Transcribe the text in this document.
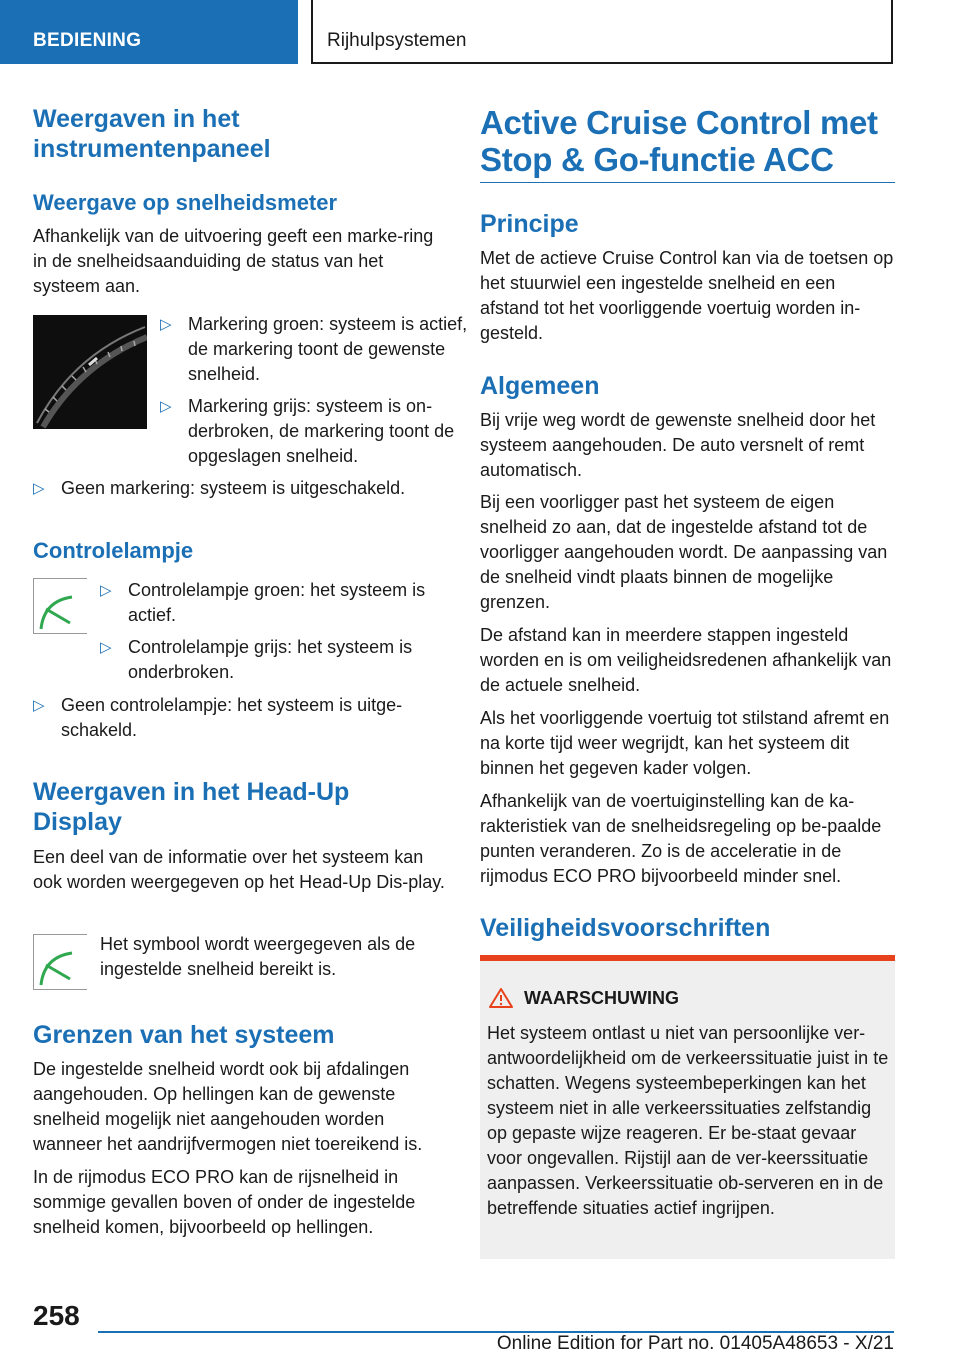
BEDIENING	Rijhulpsystemen
Weergaven in het instrumentenpaneel
Weergave op snelheidsmeter

Afhankelijk van de uitvoering geeft een marke-ring in de snelheidsaanduiding de status van het systeem aan.

▷ Markering groen: systeem is actief, de markering toont de gewenste snelheid.
▷ Markering grijs: systeem is on-derbroken, de markering toont de opgeslagen snelheid.
▷ Geen markering: systeem is uitgeschakeld.
Controlelampje
▷ Controlelampje groen: het systeem is actief.
▷ Controlelampje grijs: het systeem is onderbroken.
▷ Geen controlelampje: het systeem is uitge-schakeld.
Weergaven in het Head-Up Display

Een deel van de informatie over het systeem kan ook worden weergegeven op het Head-Up Dis-play.

Het symbool wordt weergegeven als de ingestelde snelheid bereikt is.

Grenzen van het systeem

De ingestelde snelheid wordt ook bij afdalingen aangehouden. Op hellingen kan de gewenste snelheid mogelijk niet aangehouden worden wanneer het aandrijfvermogen niet toereikend is.

In de rijmodus ECO PRO kan de rijsnelheid in sommige gevallen boven of onder de ingestelde snelheid komen, bijvoorbeeld op hellingen.

Active Cruise Control met Stop & Go-functie ACC
Principe

Met de actieve Cruise Control kan via de toetsen op het stuurwiel een ingestelde snelheid en een afstand tot het voorliggende voertuig worden in-gesteld.

Algemeen

Bij vrije weg wordt de gewenste snelheid door het systeem aangehouden. De auto versnelt of remt automatisch.

Bij een voorligger past het systeem de eigen snelheid zo aan, dat de ingestelde afstand tot de voorligger aangehouden wordt. De aanpassing van de snelheid vindt plaats binnen de mogelijke grenzen.

De afstand kan in meerdere stappen ingesteld worden en is om veiligheidsredenen afhankelijk van de actuele snelheid.

Als het voorliggende voertuig tot stilstand afremt en na korte tijd weer wegrijdt, kan het systeem dit binnen het gegeven kader volgen.

Afhankelijk van de voertuiginstelling kan de ka-rakteristiek van de snelheidsregeling op be-paalde punten veranderen. Zo is de acceleratie in de rijmodus ECO PRO bijvoorbeeld minder snel.

Veiligheidsvoorschriften
WAARSCHUWING

Het systeem ontlast u niet van persoonlijke ver-antwoordelijkheid om de verkeerssituatie juist in te schatten. Wegens systeembeperkingen kan het systeem niet in alle verkeerssituaties zelfstandig op gepaste wijze reageren. Er be-staat gevaar voor ongevallen. Rijstijl aan de ver-keerssituatie aanpassen. Verkeerssituatie ob-serveren en in de betreffende situaties actief ingrijpen.

258
Online Edition for Part no. 01405A48653 - X/21
